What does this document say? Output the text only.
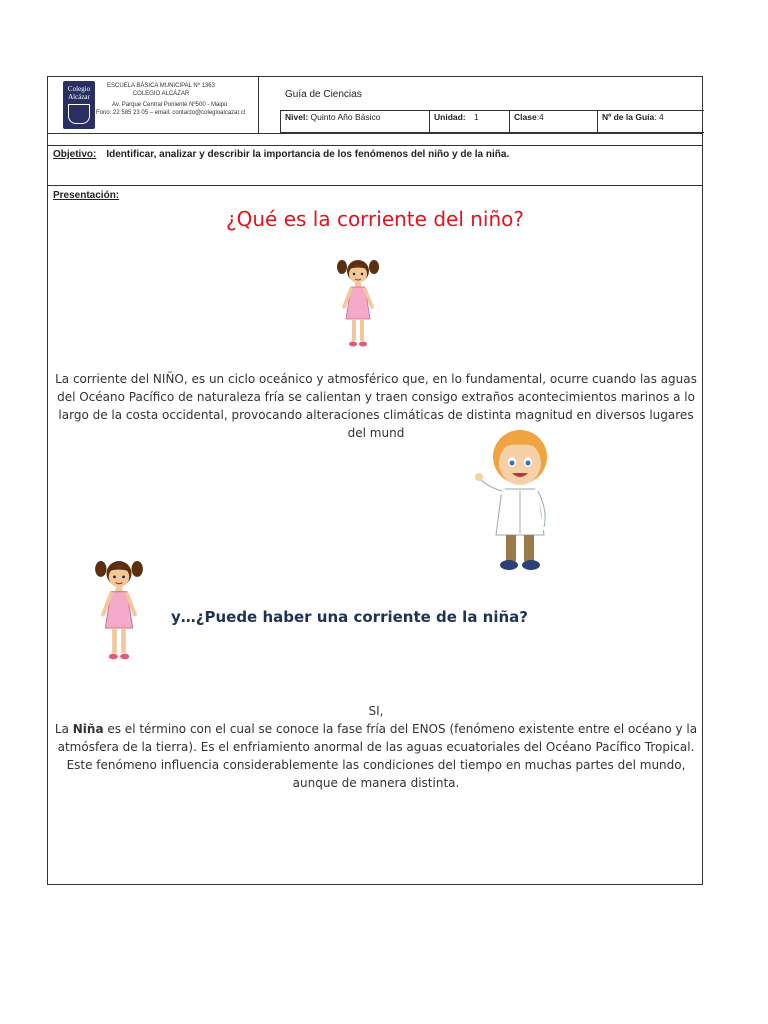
Colegio Alcázar
ESCUELA BÁSICA MUNICIPAL Nº 1363
COLEGIO ALCÁZAR
Av. Parque Central Poniente Nº500 - Maipú
Fono: 22 585 23 05 – email: contacto@colegioalcazar.cl
Guía de Ciencias
Nivel: Quinto Año Básico	Unidad: 1	Clase:4	Nº de la Guía: 4
Objetivo: Identificar, analizar y describir la importancia de los fenómenos del niño y de la niña.
Presentación:
¿Qué es la corriente del niño?
La corriente del NIÑO, es un ciclo oceánico y atmosférico que, en lo fundamental, ocurre cuando las aguas del Océano Pacífico de naturaleza fría se calientan y traen consigo extraños acontecimientos marinos a lo largo de la costa occidental, provocando alteraciones climáticas de distinta magnitud en diversos lugares del mund
y…¿Puede haber una corriente de la niña?
SI,
La Niña es el término con el cual se conoce la fase fría del ENOS (fenómeno existente entre el océano y la atmósfera de la tierra). Es el enfriamiento anormal de las aguas ecuatoriales del Océano Pacífico Tropical. Este fenómeno influencia considerablemente las condiciones del tiempo en muchas partes del mundo, aunque de manera distinta.
